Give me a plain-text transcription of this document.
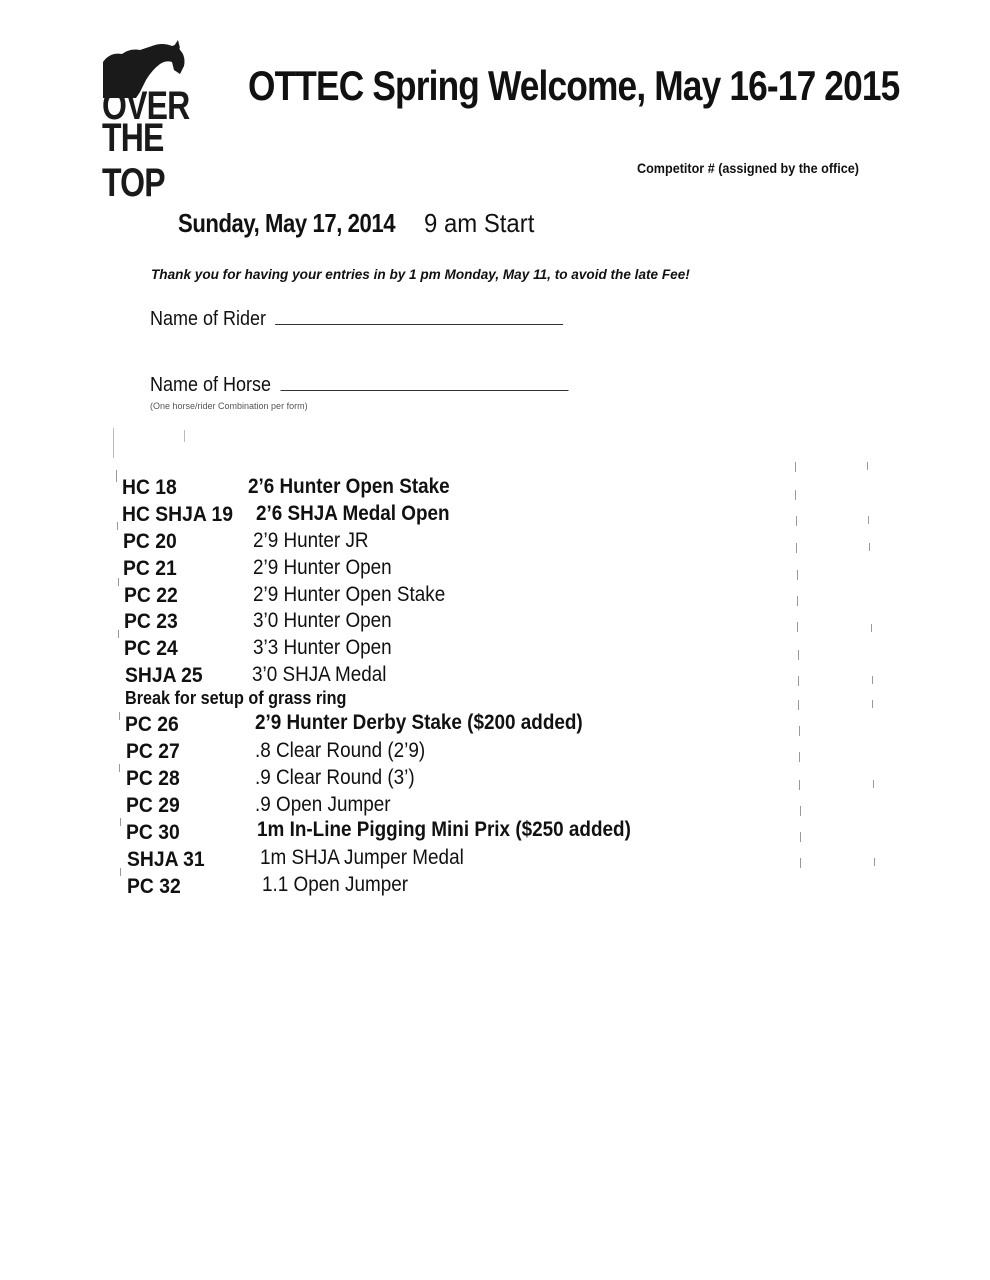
OVER
THE TOP
OTTEC Spring Welcome, May 16-17 2015
Competitor # (assigned by the office)
Sunday, May 17, 2014 9 am Start
Thank you for having your entries in by 1 pm Monday, May 11, to avoid the late Fee!
Name of Rider
Name of Horse
(One horse/rider Combination per form)
HC 18	2’6 Hunter Open Stake
HC SHJA 19 2’6 SHJA Medal Open
PC 20	2’9 Hunter JR
PC 21	2’9 Hunter Open
PC 22	2’9 Hunter Open Stake
PC 23	3’0 Hunter Open
PC 24	3’3 Hunter Open
SHJA 25 3’0 SHJA Medal
Break for setup of grass ring
PC 26	2’9 Hunter Derby Stake ($200 added)
PC 27	.8 Clear Round (2’9)
PC 28	.9 Clear Round (3’)
PC 29	.9 Open Jumper
PC 30	1m In-Line Pigging Mini Prix ($250 added)
SHJA 31	1m SHJA Jumper Medal
PC 32	1.1 Open Jumper
